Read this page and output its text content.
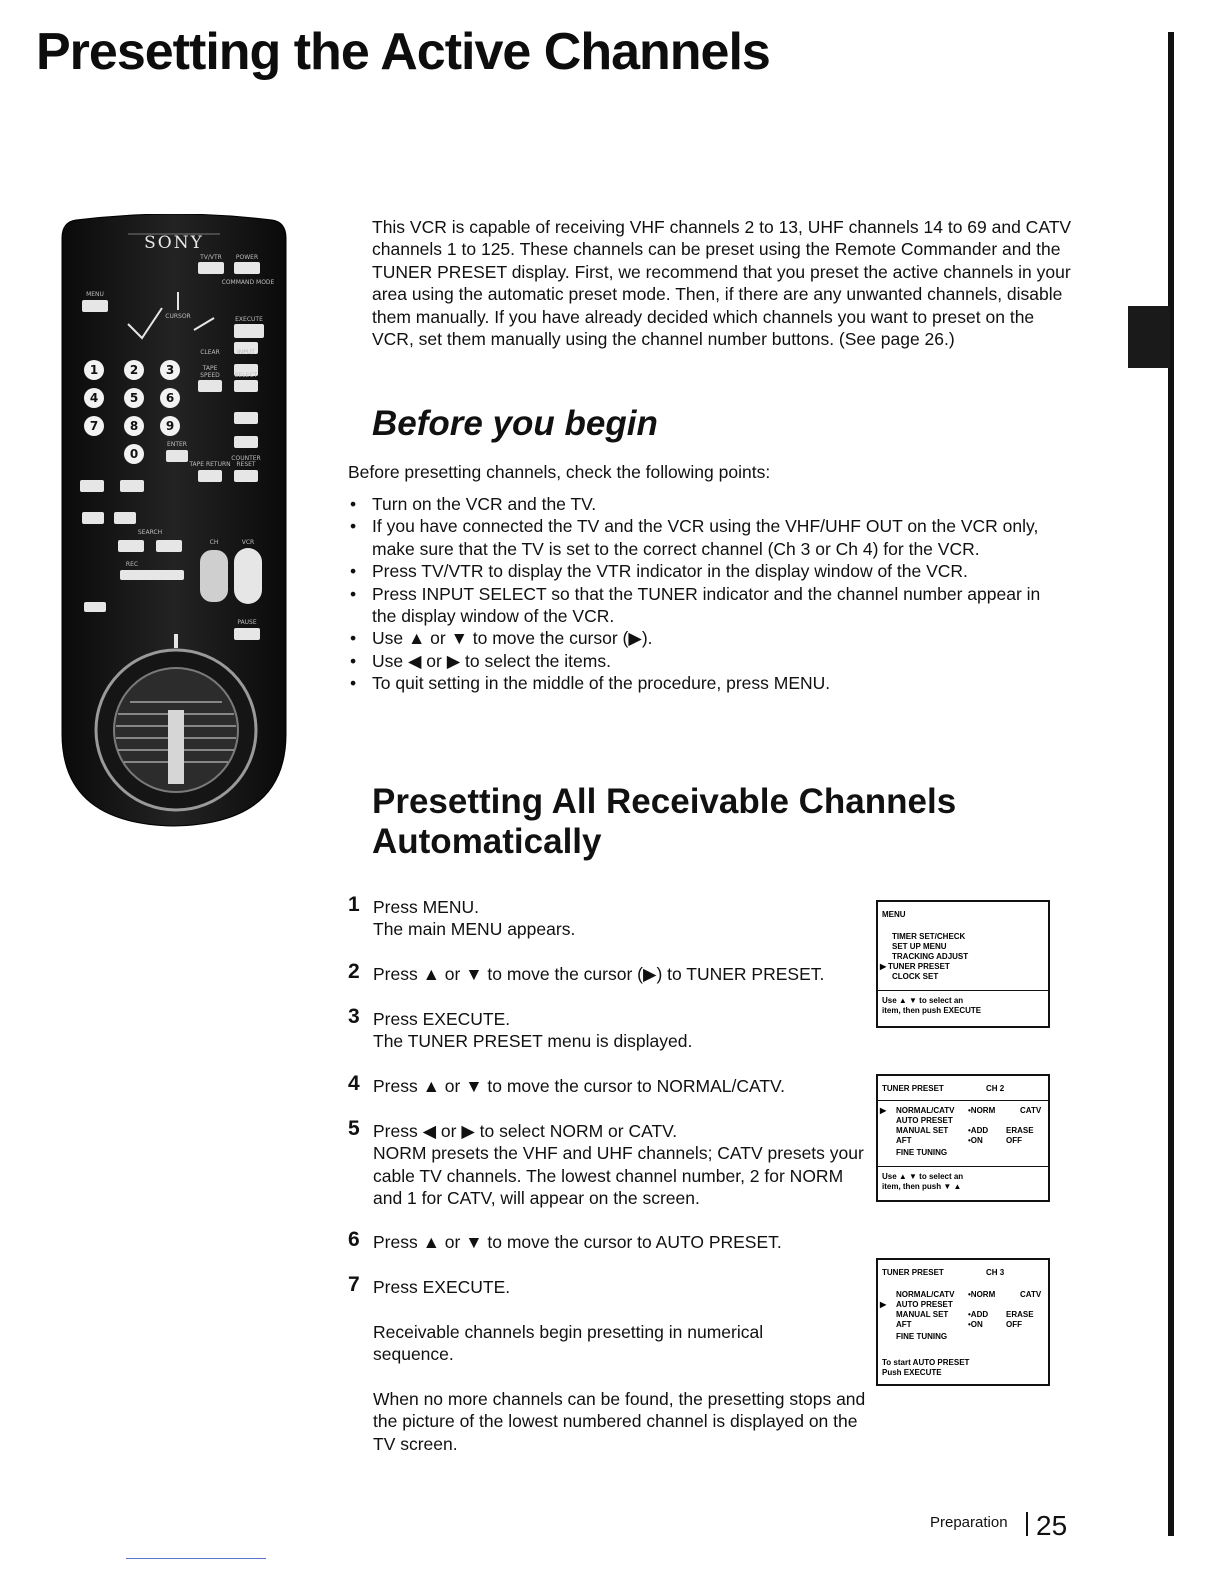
Presetting the Active Channels
SONY
1	2 3
4	5 6
7	8 9
0
TV/VTR POWER
COMMAND MODE
MENU
CURSOR	EXECUTE
CLEAR	INPUT
SELECT
TAPE
SPEED
ENTER
TAPE RETURN
COUNTER
RESET
SEARCH
REC
CH	VCR
PAUSE

This VCR is capable of receiving VHF channels 2 to 13, UHF channels 14 to 69 and CATV channels 1 to 125. These channels can be preset using the Remote Commander and the TUNER PRESET display. First, we recommend that you preset the active channels in your area using the automatic preset mode. Then, if there are any unwanted channels, disable them manually. If you have already decided which channels you want to preset on the VCR, set them manually using the channel number buttons. (See page 26.)

Before you begin

Before presetting channels, check the following points:

• Turn on the VCR and the TV.
• If you have connected the TV and the VCR using the VHF/UHF OUT on the VCR only, make sure that the TV is set to the correct channel (Ch 3 or Ch 4) for the VCR.
• Press TV/VTR to display the VTR indicator in the display window of the VCR.
• Press INPUT SELECT so that the TUNER indicator and the channel number appear in the display window of the VCR.
• Use ▲ or ▼ to move the cursor (▶).
• Use ◀ or ▶ to select the items.
• To quit setting in the middle of the procedure, press MENU.
Presetting All Receivable Channels Automatically
1 Press MENU.
The main MENU appears.
2 Press ▲ or ▼ to move the cursor (▶) to TUNER PRESET.
3 Press EXECUTE.
The TUNER PRESET menu is displayed.
4 Press ▲ or ▼ to move the cursor to NORMAL/CATV.
5 Press ◀ or ▶ to select NORM or CATV.
NORM presets the VHF and UHF channels; CATV presets your cable TV channels. The lowest channel number, 2 for NORM and 1 for CATV, will appear on the screen.
6 Press ▲ or ▼ to move the cursor to AUTO PRESET.
7 Press EXECUTE.

Receivable channels begin presetting in numerical sequence.

When no more channels can be found, the presetting stops and the picture of the lowest numbered channel is displayed on the TV screen.

MENU
TIMER SET/CHECK
SET UP MENU
TRACKING ADJUST
▶ TUNER PRESET
CLOCK SET
Use ▲ ▼ to select an
item, then push EXECUTE
TUNER PRESET	CH 2
▶ NORMAL/CATV •NORM	CATV
AUTO PRESET
MANUAL SET •ADD ERASE
AFT	•ON	OFF
FINE TUNING
Use ▲ ▼ to select an
item, then push ▼ ▲
TUNER PRESET	CH 3
NORMAL/CATV •NORM	CATV
▶ AUTO PRESET
MANUAL SET •ADD ERASE
AFT	•ON	OFF
FINE TUNING
To start AUTO PRESET
Push EXECUTE
Preparation 25
